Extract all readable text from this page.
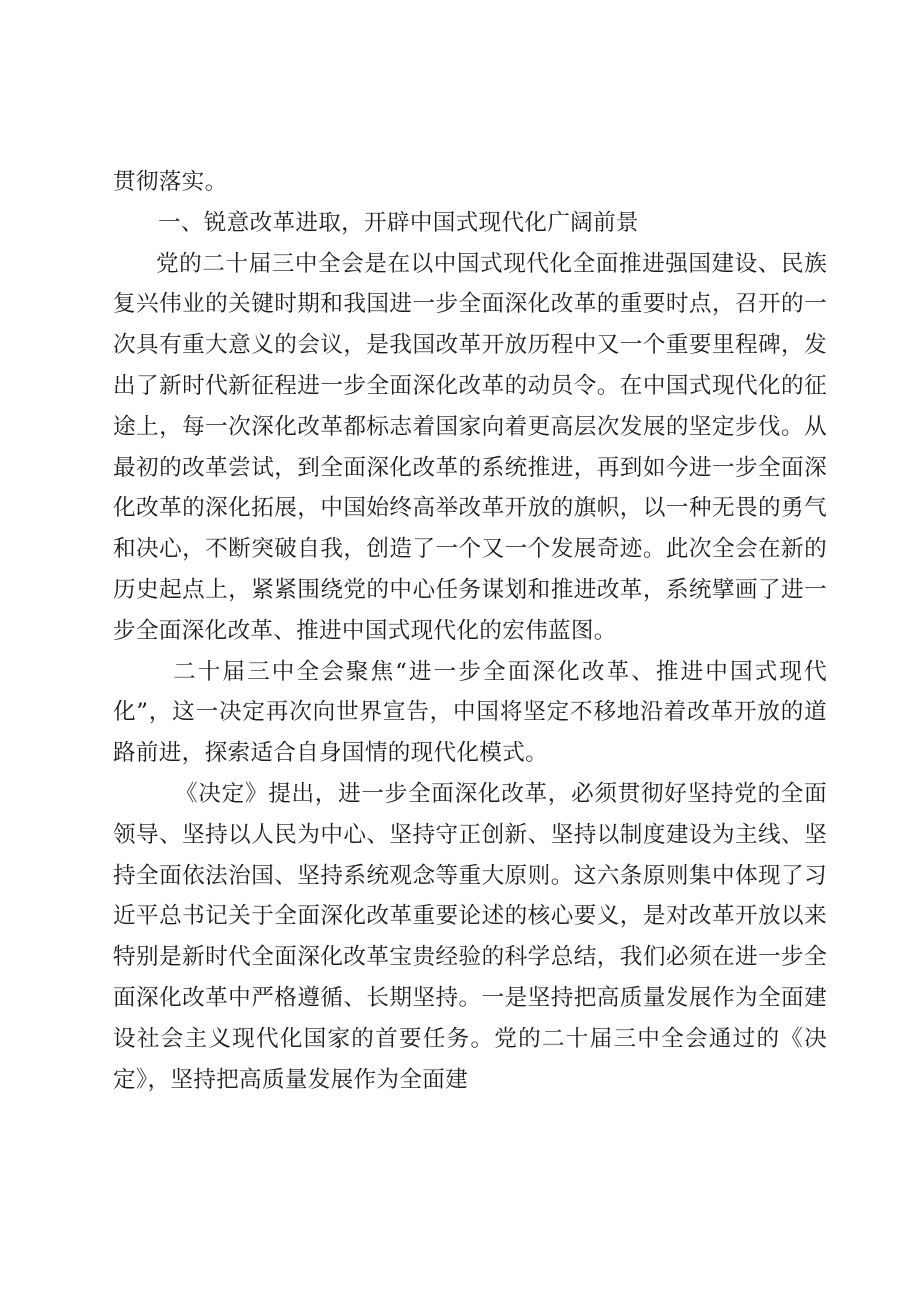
贯彻落实。

一、锐意改革进取，开辟中国式现代化广阔前景

党的二十届三中全会是在以中国式现代化全面推进强国建设、民族复兴伟业的关键时期和我国进一步全面深化改革的重要时点，召开的一次具有重大意义的会议，是我国改革开放历程中又一个重要里程碑，发出了新时代新征程进一步全面深化改革的动员令。在中国式现代化的征途上，每一次深化改革都标志着国家向着更高层次发展的坚定步伐。从最初的改革尝试，到全面深化改革的系统推进，再到如今进一步全面深化改革的深化拓展，中国始终高举改革开放的旗帜，以一种无畏的勇气和决心，不断突破自我，创造了一个又一个发展奇迹。此次全会在新的历史起点上，紧紧围绕党的中心任务谋划和推进改革，系统擘画了进一步全面深化改革、推进中国式现代化的宏伟蓝图。

二十届三中全会聚焦“进一步全面深化改革、推进中国式现代化”，这一决定再次向世界宣告，中国将坚定不移地沿着改革开放的道路前进，探索适合自身国情的现代化模式。

《决定》提出，进一步全面深化改革，必须贯彻好坚持党的全面领导、坚持以人民为中心、坚持守正创新、坚持以制度建设为主线、坚持全面依法治国、坚持系统观念等重大原则。这六条原则集中体现了习近平总书记关于全面深化改革重要论述的核心要义，是对改革开放以来特别是新时代全面深化改革宝贵经验的科学总结，我们必须在进一步全面深化改革中严格遵循、长期坚持。一是坚持把高质量发展作为全面建设社会主义现代化国家的首要任务。党的二十届三中全会通过的《决定》，坚持把高质量发展作为全面建
